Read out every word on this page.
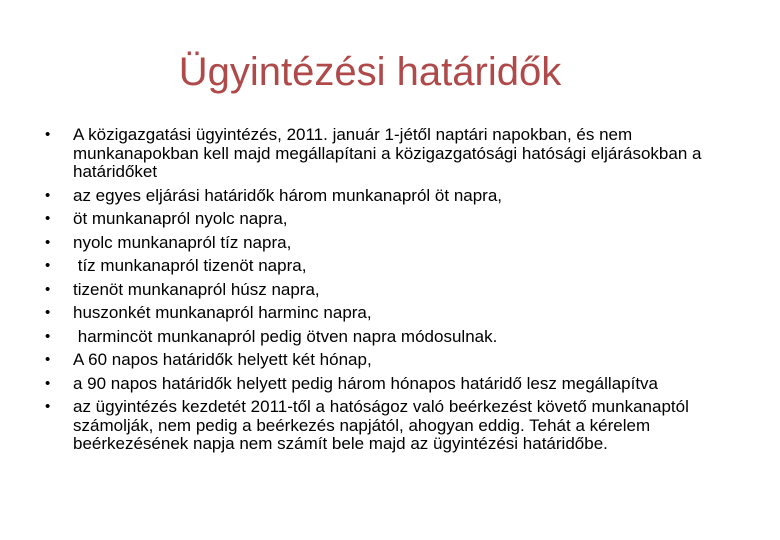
Ügyintézési határidők
•	A közigazgatási ügyintézés, 2011. január 1-jétől naptári napokban, és nem munkanapokban kell majd megállapítani a közigazgatósági hatósági eljárásokban a határidőket
•	az egyes eljárási határidők három munkanapról öt napra,
•	öt munkanapról nyolc napra,
•	nyolc munkanapról tíz napra,
•	tíz munkanapról tizenöt napra,
•	tizenöt munkanapról húsz napra,
•	huszonkét munkanapról harminc napra,
•	harmincöt munkanapról pedig ötven napra módosulnak.
•	A 60 napos határidők helyett két hónap,
•	a 90 napos határidők helyett pedig három hónapos határidő lesz megállapítva
•	az ügyintézés kezdetét 2011-től a hatóságoz való beérkezést követő munkanaptól számolják, nem pedig a beérkezés napjától, ahogyan eddig. Tehát a kérelem beérkezésének napja nem számít bele majd az ügyintézési határidőbe.
